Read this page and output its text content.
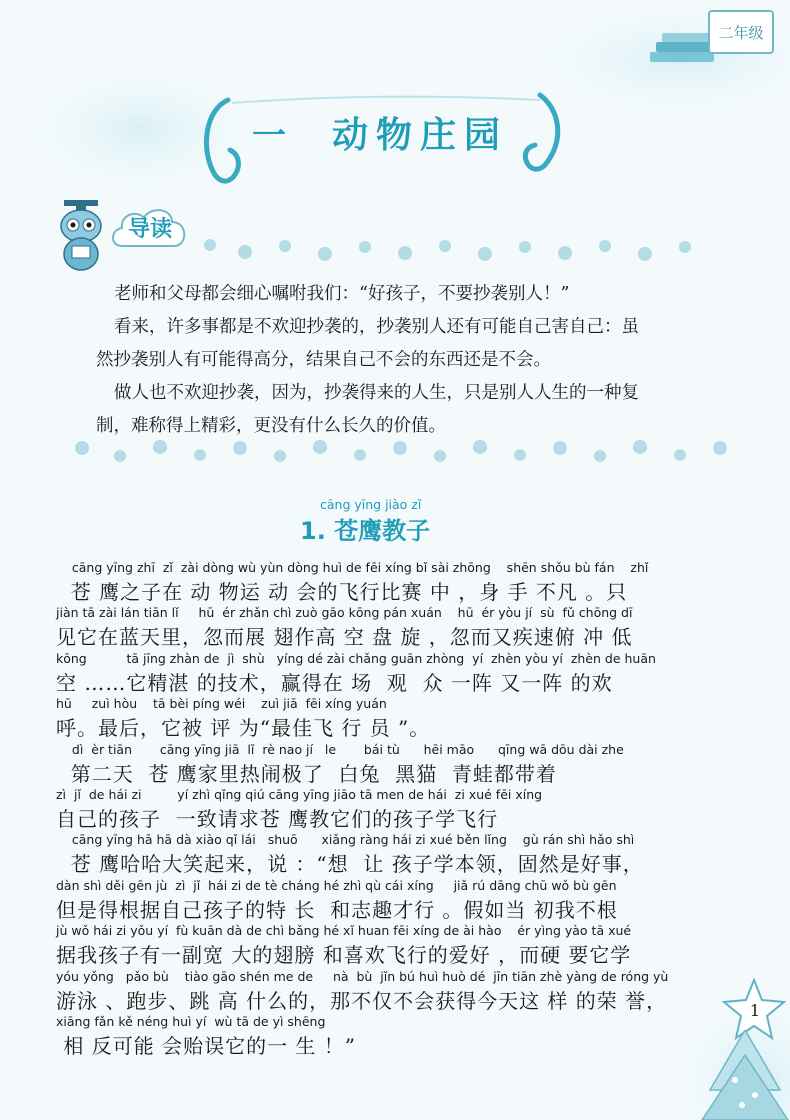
二年级
一 动物庄园
导读

老师和父母都会细心嘱咐我们：“好孩子，不要抄袭别人！”

看来，许多事都是不欢迎抄袭的，抄袭别人还有可能自己害自己：虽

然抄袭别人有可能得高分，结果自己不会的东西还是不会。

做人也不欢迎抄袭，因为，抄袭得来的人生，只是别人人生的一种复

制，难称得上精彩，更没有什么长久的价值。

cāng yīng jiào zǐ
1. 苍鹰教子
cāng yīng zhī  zǐ  zài dòng wù yùn dòng huì de fēi xíng bǐ sài zhōng    shēn shǒu bù fán    zhǐ
苍 鹰之子在 动 物运 动 会的飞行比赛 中 ，身 手 不凡 。只
jiàn tā zài lán tiān lǐ     hū  ér zhǎn chì zuò gāo kōng pán xuán    hū  ér yòu jí  sù  fǔ chōng dī
见它在蓝天里，忽而展 翅作高 空 盘 旋 ，忽而又疾速俯 冲 低
kōng          tā jīng zhàn de  jì  shù   yíng dé zài chǎng guān zhòng  yí  zhèn yòu yí  zhèn de huān
空 ……它精湛 的技术，赢得在 场  观  众 一阵 又一阵 的欢
hū     zuì hòu    tā bèi píng wéi    zuì jiā  fēi xíng yuán
呼。最后，它被 评 为“最佳飞 行 员 ”。
dì  èr tiān       cāng yīng jiā  lǐ  rè nao jí   le       bái tù      hēi māo      qīng wā dōu dài zhe
第二天  苍 鹰家里热闹极了  白兔  黑猫  青蛙都带着
zì  jǐ  de hái zi         yí zhì qǐng qiú cāng yīng jiāo tā men de hái  zi xué fēi xíng
自己的孩子  一致请求苍 鹰教它们的孩子学飞行
cāng yīng hā hā dà xiào qǐ lái   shuō      xiǎng ràng hái zi xué běn lǐng    gù rán shì hǎo shì
苍 鹰哈哈大笑起来，说 ：“想  让 孩子学本领，固然是好事，
dàn shì děi gēn jù  zì  jǐ  hái zi de tè cháng hé zhì qù cái xíng     jiǎ rú dāng chū wǒ bù gēn
但是得根据自己孩子的特 长  和志趣才行 。假如当 初我不根
jù wǒ hái zi yǒu yí  fù kuān dà de chì bǎng hé xǐ huan fēi xíng de ài hào    ér yìng yào tā xué
据我孩子有一副宽 大的翅膀 和喜欢飞行的爱好 ，而硬 要它学
yóu yǒng   pǎo bù    tiào gāo shén me de     nà  bù  jǐn bú huì huò dé  jīn tiān zhè yàng de róng yù
游泳 、跑步、跳 高 什么的，那不仅不会获得今天这 样 的荣 誉，
xiāng fǎn kě néng huì yí  wù tā de yì shēng
相 反可能 会贻误它的一 生 ！”
1
